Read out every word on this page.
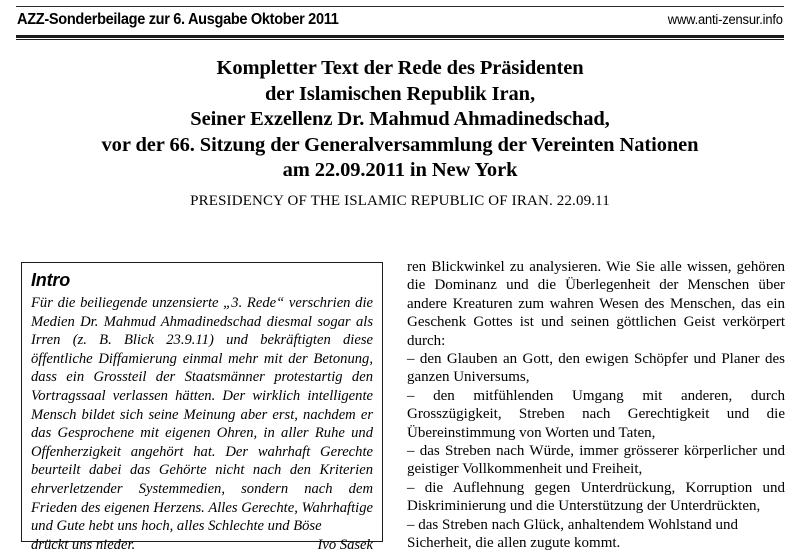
AZZ-Sonderbeilage zur 6. Ausgabe Oktober 2011	www.anti-zensur.info
Kompletter Text der Rede des Präsidenten
der Islamischen Republik Iran,
Seiner Exzellenz Dr. Mahmud Ahmadinedschad,
vor der 66. Sitzung der Generalversammlung der Vereinten Nationen
am 22.09.2011 in New York
PRESIDENCY OF THE ISLAMIC REPUBLIC OF IRAN. 22.09.11
Intro
Für die beiliegende unzensierte „3. Rede“ verschrien die Medien Dr. Mahmud Ahmadinedschad diesmal sogar als Irren (z. B. Blick 23.9.11) und bekräftigten diese öffentliche Diffamierung einmal mehr mit der Betonung, dass ein Grossteil der Staatsmänner protestartig den Vortragssaal verlassen hätten. Der wirklich intelligente Mensch bildet sich seine Meinung aber erst, nachdem er das Gesprochene mit eigenen Ohren, in aller Ruhe und Offenherzigkeit angehört hat. Der wahrhaft Gerechte beurteilt dabei das Gehörte nicht nach den Kriterien ehrverletzender Systemmedien, sondern nach dem Frieden des eigenen Herzens. Alles Gerechte, Wahrhaftige und Gute hebt uns hoch, alles Schlechte und Böse
drückt uns nieder.	Ivo Sasek

ren Blickwinkel zu analysieren. Wie Sie alle wissen, gehören die Dominanz und die Überlegenheit der Menschen über andere Kreaturen zum wahren Wesen des Menschen, das ein Geschenk Gottes ist und seinen göttlichen Geist verkörpert durch:

– den Glauben an Gott, den ewigen Schöpfer und Planer des ganzen Universums,

– den mitfühlenden Umgang mit anderen, durch Grosszügigkeit, Streben nach Gerechtigkeit und die Übereinstimmung von Worten und Taten,

– das Streben nach Würde, immer grösserer körperlicher und geistiger Vollkommenheit und Freiheit,

– die Auflehnung gegen Unterdrückung, Korruption und Diskriminierung und die Unterstützung der Unterdrückten,

– das Streben nach Glück, anhaltendem Wohlstand und Sicherheit, die allen zugute kommt.
